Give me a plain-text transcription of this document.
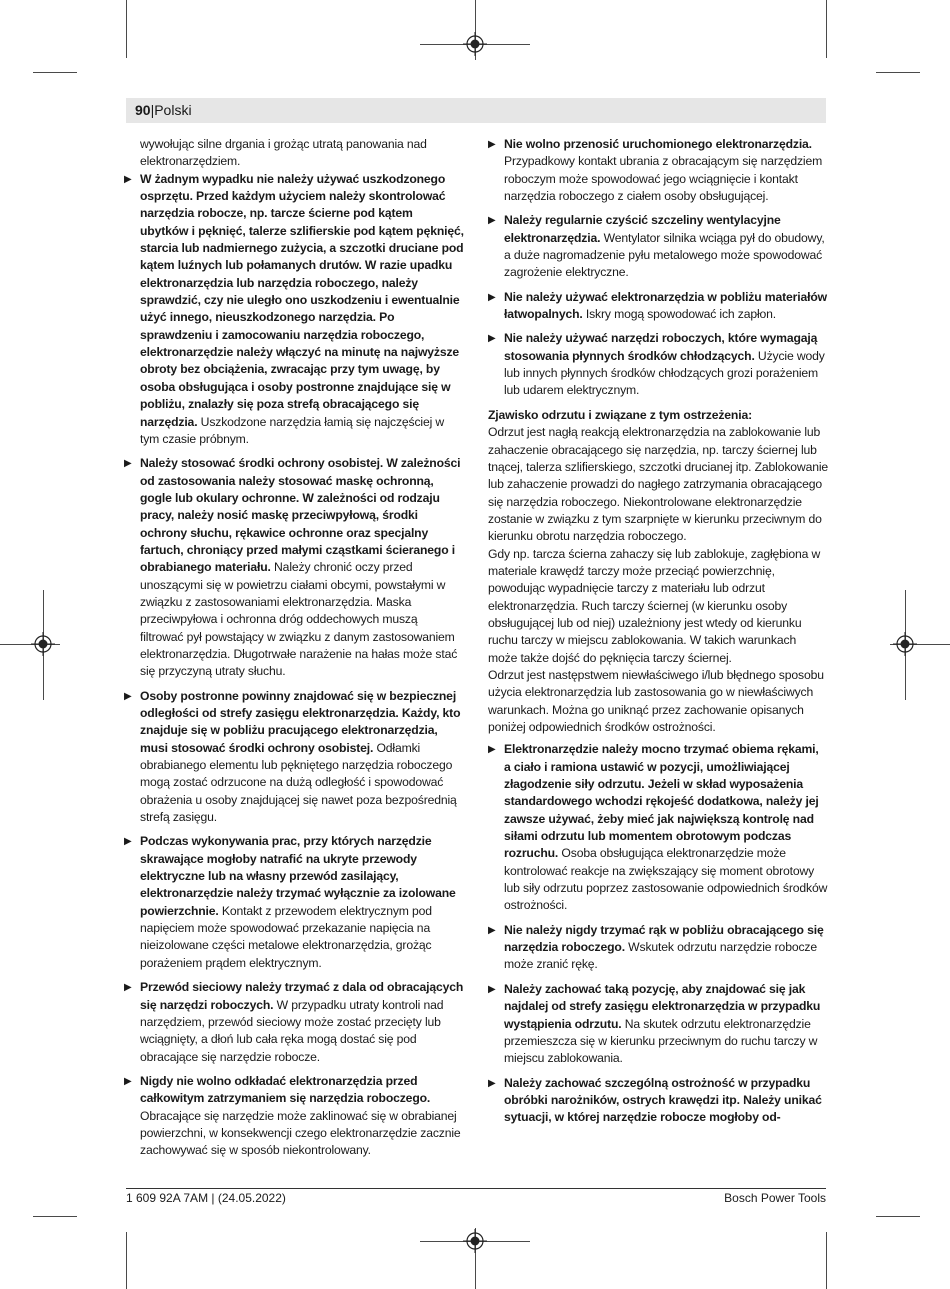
90|Polski

wywołując silne drgania i grożąc utratą panowania nad elektronarzędziem.

▶ W żadnym wypadku nie należy używać uszkodzonego osprzętu. Przed każdym użyciem należy skontrolować narzędzia robocze, np. tarcze ścierne pod kątem ubytków i pęknięć, talerze szlifierskie pod kątem pęknięć, starcia lub nadmiernego zużycia, a szczotki druciane pod kątem luźnych lub połamanych drutów. W razie upadku elektronarzędzia lub narzędzia roboczego, należy sprawdzić, czy nie uległo ono uszkodzeniu i ewentualnie użyć innego, nieuszkodzonego narzędzia. Po sprawdzeniu i zamocowaniu narzędzia roboczego, elektronarzędzie należy włączyć na minutę na najwyższe obroty bez obciążenia, zwracając przy tym uwagę, by osoba obsługująca i osoby postronne znajdujące się w pobliżu, znalazły się poza strefą obracającego się narzędzia. Uszkodzone narzędzia łamią się najczęściej w tym czasie próbnym.
▶ Należy stosować środki ochrony osobistej. W zależności od zastosowania należy stosować maskę ochronną, gogle lub okulary ochronne. W zależności od rodzaju pracy, należy nosić maskę przeciwpyłową, środki ochrony słuchu, rękawice ochronne oraz specjalny fartuch, chroniący przed małymi cząstkami ścieranego i obrabianego materiału. Należy chronić oczy przed unoszącymi się w powietrzu ciałami obcymi, powstałymi w związku z zastosowaniami elektronarzędzia. Maska przeciwpyłowa i ochronna dróg oddechowych muszą filtrować pył powstający w związku z danym zastosowaniem elektronarzędzia. Długotrwałe narażenie na hałas może stać się przyczyną utraty słuchu.
▶ Osoby postronne powinny znajdować się w bezpiecznej odległości od strefy zasięgu elektronarzędzia. Każdy, kto znajduje się w pobliżu pracującego elektronarzędzia, musi stosować środki ochrony osobistej. Odłamki obrabianego elementu lub pękniętego narzędzia roboczego mogą zostać odrzucone na dużą odległość i spowodować obrażenia u osoby znajdującej się nawet poza bezpośrednią strefą zasięgu.
▶ Podczas wykonywania prac, przy których narzędzie skrawające mogłoby natrafić na ukryte przewody elektryczne lub na własny przewód zasilający, elektronarzędzie należy trzymać wyłącznie za izolowane powierzchnie. Kontakt z przewodem elektrycznym pod napięciem może spowodować przekazanie napięcia na nieizolowane części metalowe elektronarzędzia, grożąc porażeniem prądem elektrycznym.
▶ Przewód sieciowy należy trzymać z dala od obracających się narzędzi roboczych. W przypadku utraty kontroli nad narzędziem, przewód sieciowy może zostać przecięty lub wciągnięty, a dłoń lub cała ręka mogą dostać się pod obracające się narzędzie robocze.
▶ Nigdy nie wolno odkładać elektronarzędzia przed całkowitym zatrzymaniem się narzędzia roboczego. Obracające się narzędzie może zaklinować się w obrabianej powierzchni, w konsekwencji czego elektronarzędzie zacznie zachowywać się w sposób niekontrolowany.
▶ Nie wolno przenosić uruchomionego elektronarzędzia. Przypadkowy kontakt ubrania z obracającym się narzędziem roboczym może spowodować jego wciągnięcie i kontakt narzędzia roboczego z ciałem osoby obsługującej.
▶ Należy regularnie czyścić szczeliny wentylacyjne elektronarzędzia. Wentylator silnika wciąga pył do obudowy, a duże nagromadzenie pyłu metalowego może spowodować zagrożenie elektryczne.
▶ Nie należy używać elektronarzędzia w pobliżu materiałów łatwopalnych. Iskry mogą spowodować ich zapłon.
▶ Nie należy używać narzędzi roboczych, które wymagają stosowania płynnych środków chłodzących. Użycie wody lub innych płynnych środków chłodzących grozi porażeniem lub udarem elektrycznym.

Zjawisko odrzutu i związane z tym ostrzeżenia:

Odrzut jest nagłą reakcją elektronarzędzia na zablokowanie lub zahaczenie obracającego się narzędzia, np. tarczy ściernej lub tnącej, talerza szlifierskiego, szczotki drucianej itp. Zablokowanie lub zahaczenie prowadzi do nagłego zatrzymania obracającego się narzędzia roboczego. Niekontrolowane elektronarzędzie zostanie w związku z tym szarpnięte w kierunku przeciwnym do kierunku obrotu narzędzia roboczego.

Gdy np. tarcza ścierna zahaczy się lub zablokuje, zagłębiona w materiale krawędź tarczy może przeciąć powierzchnię, powodując wypadnięcie tarczy z materiału lub odrzut elektronarzędzia. Ruch tarczy ściernej (w kierunku osoby obsługującej lub od niej) uzależniony jest wtedy od kierunku ruchu tarczy w miejscu zablokowania. W takich warunkach może także dojść do pęknięcia tarczy ściernej.

Odrzut jest następstwem niewłaściwego i/lub błędnego sposobu użycia elektronarzędzia lub zastosowania go w niewłaściwych warunkach. Można go uniknąć przez zachowanie opisanych poniżej odpowiednich środków ostrożności.

▶ Elektronarzędzie należy mocno trzymać obiema rękami, a ciało i ramiona ustawić w pozycji, umożliwiającej złagodzenie siły odrzutu. Jeżeli w skład wyposażenia standardowego wchodzi rękojeść dodatkowa, należy jej zawsze używać, żeby mieć jak największą kontrolę nad siłami odrzutu lub momentem obrotowym podczas rozruchu. Osoba obsługująca elektronarzędzie może kontrolować reakcje na zwiększający się moment obrotowy lub siły odrzutu poprzez zastosowanie odpowiednich środków ostrożności.
▶ Nie należy nigdy trzymać rąk w pobliżu obracającego się narzędzia roboczego. Wskutek odrzutu narzędzie robocze może zranić rękę.
▶ Należy zachować taką pozycję, aby znajdować się jak najdalej od strefy zasięgu elektronarzędzia w przypadku wystąpienia odrzutu. Na skutek odrzutu elektronarzędzie przemieszcza się w kierunku przeciwnym do ruchu tarczy w miejscu zablokowania.
▶ Należy zachować szczególną ostrożność w przypadku obróbki narożników, ostrych krawędzi itp. Należy unikać sytuacji, w której narzędzie robocze mogłoby od-
1 609 92A 7AM | (24.05.2022)	Bosch Power Tools
